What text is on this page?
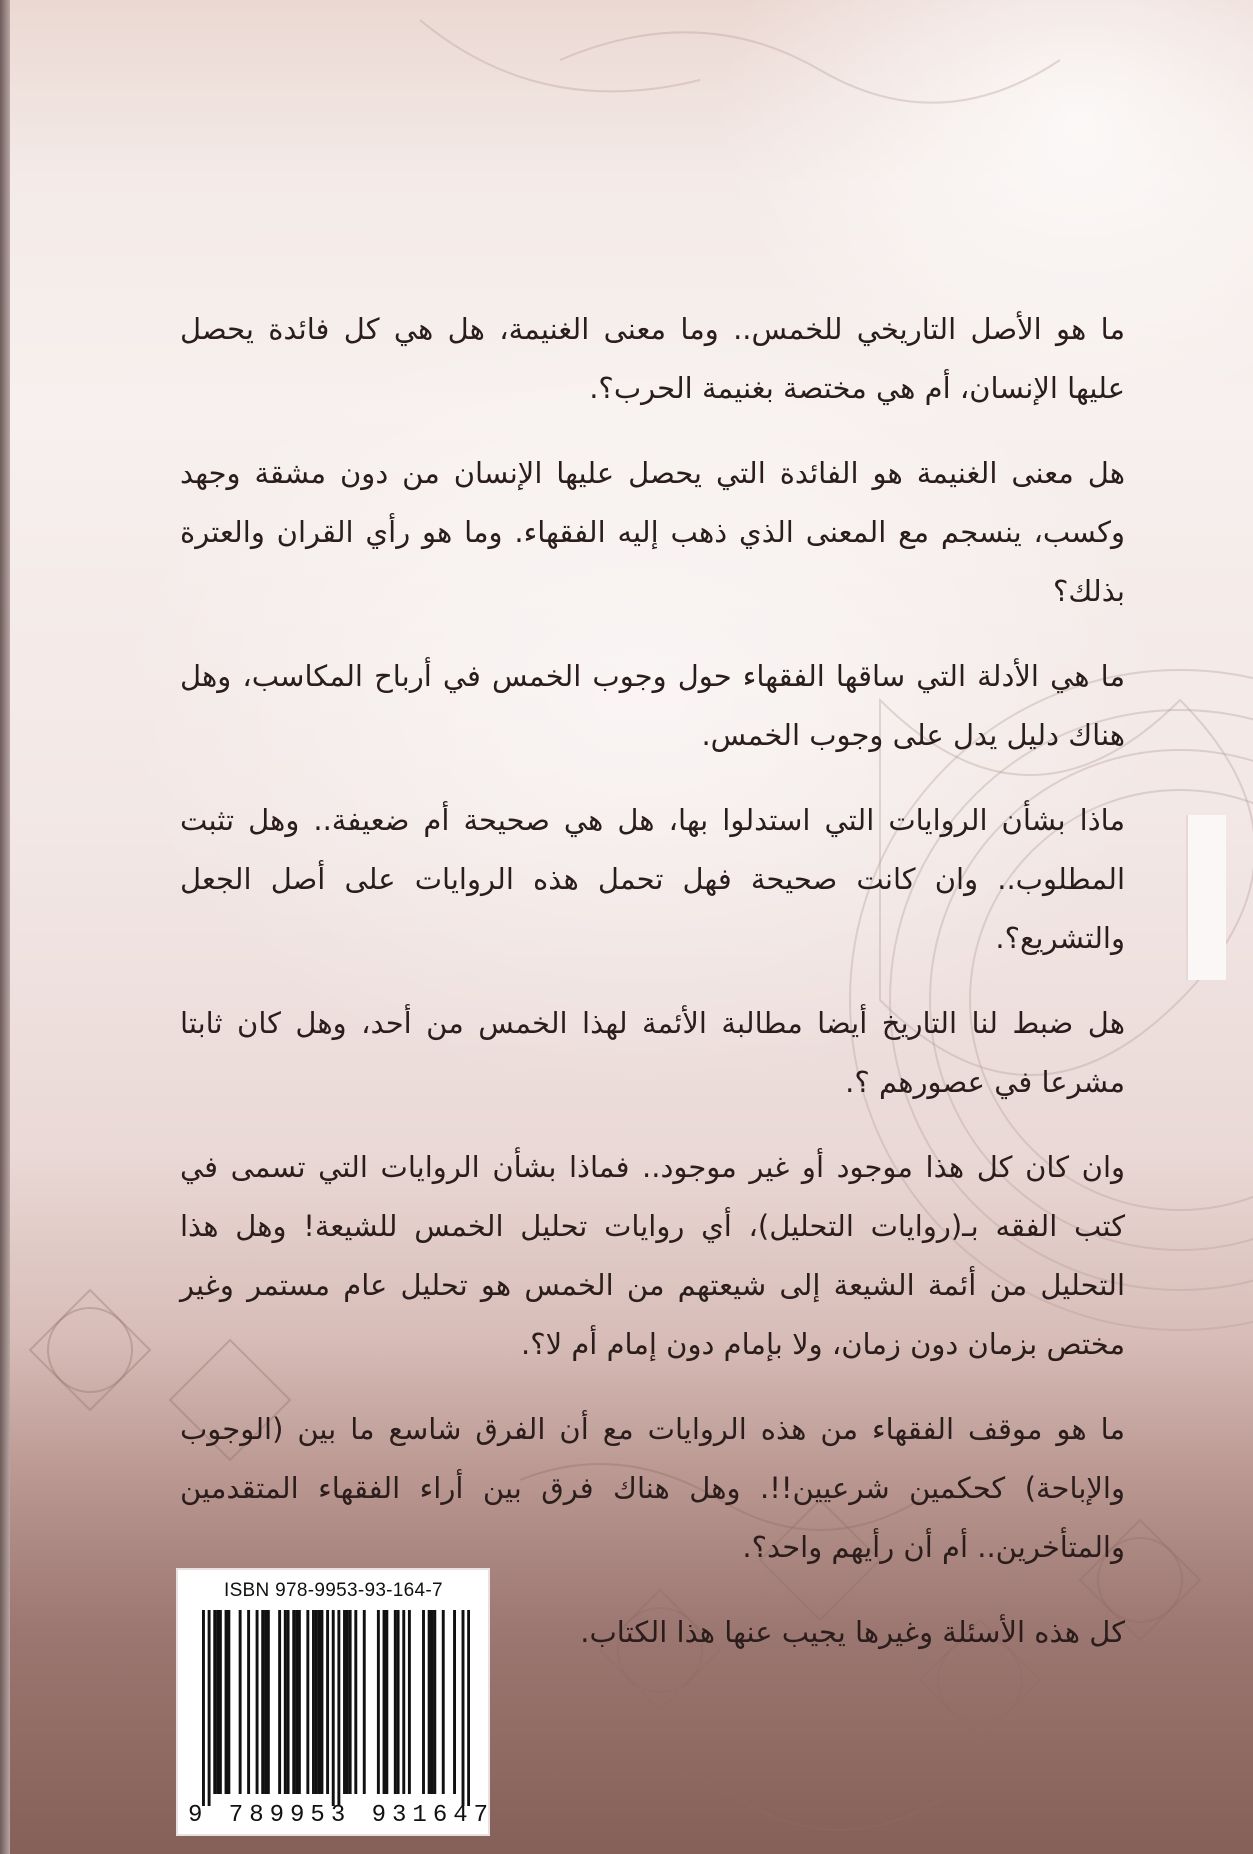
ما هو الأصل التاريخي للخمس.. وما معنى الغنيمة، هل هي كل فائدة يحصل عليها الإنسان، أم هي مختصة بغنيمة الحرب؟.

هل معنى الغنيمة هو الفائدة التي يحصل عليها الإنسان من دون مشقة وجهد وكسب، ينسجم مع المعنى الذي ذهب إليه الفقهاء. وما هو رأي القران والعترة بذلك؟

ما هي الأدلة التي ساقها الفقهاء حول وجوب الخمس في أرباح المكاسب، وهل هناك دليل يدل على وجوب الخمس.

ماذا بشأن الروايات التي استدلوا بها، هل هي صحيحة أم ضعيفة.. وهل تثبت المطلوب.. وان كانت صحيحة فهل تحمل هذه الروايات على أصل الجعل والتشريع؟.

هل ضبط لنا التاريخ أيضا مطالبة الأئمة لهذا الخمس من أحد، وهل كان ثابتا مشرعا في عصورهم ؟.

وان كان كل هذا موجود أو غير موجود.. فماذا بشأن الروايات التي تسمى في كتب الفقه بـ(روايات التحليل)، أي روايات تحليل الخمس للشيعة! وهل هذا التحليل من أئمة الشيعة إلى شيعتهم من الخمس هو تحليل عام مستمر وغير مختص بزمان دون زمان، ولا بإمام دون إمام أم لا؟.

ما هو موقف الفقهاء من هذه الروايات مع أن الفرق شاسع ما بين (الوجوب والإباحة) كحكمين شرعيين!!. وهل هناك فرق بين أراء الفقهاء المتقدمين والمتأخرين.. أم أن رأيهم واحد؟.

كل هذه الأسئلة وغيرها يجيب عنها هذا الكتاب.

ISBN 978-9953-93-164-7
9 789953 931647
